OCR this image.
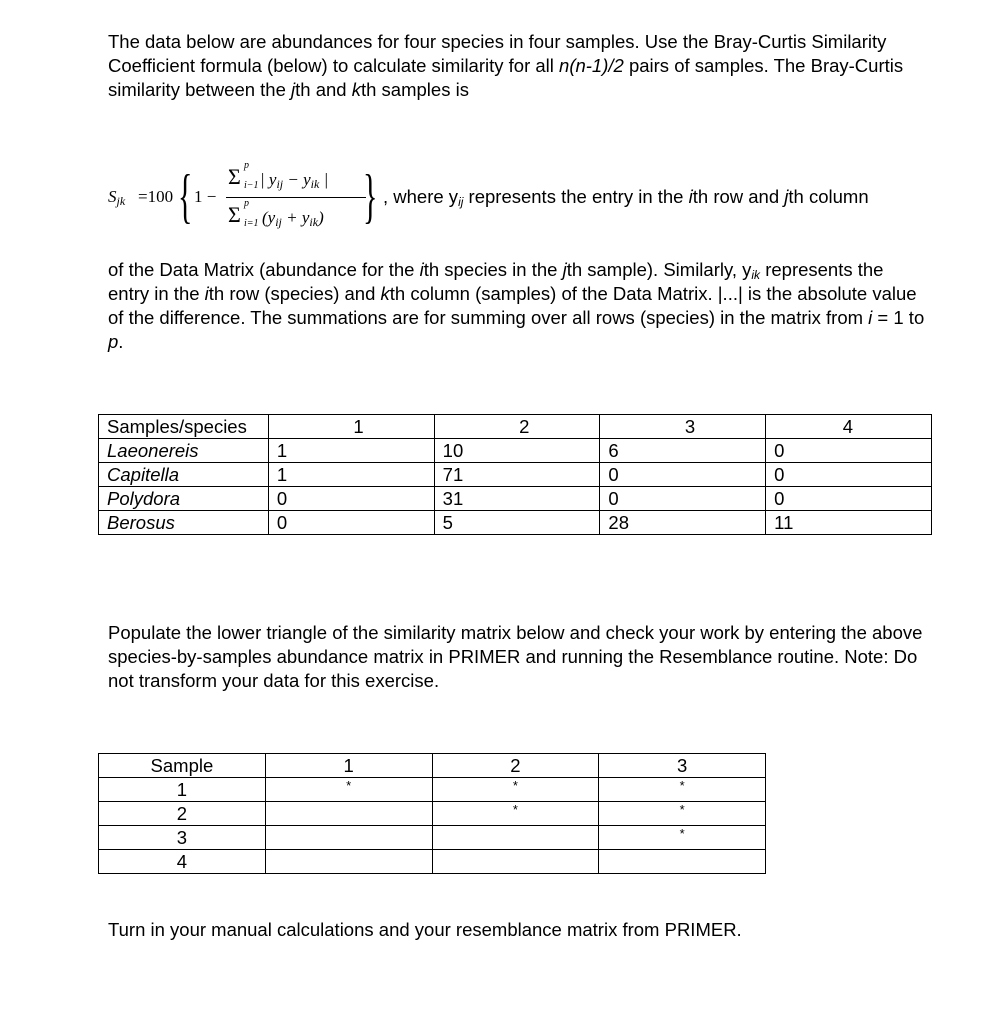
The data below are abundances for four species in four samples. Use the Bray-Curtis Similarity Coefficient formula (below) to calculate similarity for all n(n-1)/2 pairs of samples. The Bray-Curtis similarity between the jth and kth samples is

$S_{jk} =100$ { 1 −
Σ p
i−1 | $y_{ij} - y_{ik}$ |
Σ p
i=1 $(y_{ij} + y_{ik})$ } , where $y_{ij}$ represents the entry in the ith row and jth column

of the Data Matrix (abundance for the ith species in the jth sample). Similarly, $y_{ik}$ represents the entry in the ith row (species) and kth column (samples) of the Data Matrix. |...| is the absolute value of the difference. The summations are for summing over all rows (species) in the matrix from i = 1 to p.

Samples/species	1	2	3	4
Laeonereis	1	10	6	0
Capitella	1	71	0	0
Polydora	0	31	0	0
Berosus	0	5	28	11

Populate the lower triangle of the similarity matrix below and check your work by entering the above species-by-samples abundance matrix in PRIMER and running the Resemblance routine. Note: Do not transform your data for this exercise.

Sample	1	2	3
1	*	*	*
2		*	*
3			*
4			

Turn in your manual calculations and your resemblance matrix from PRIMER.
